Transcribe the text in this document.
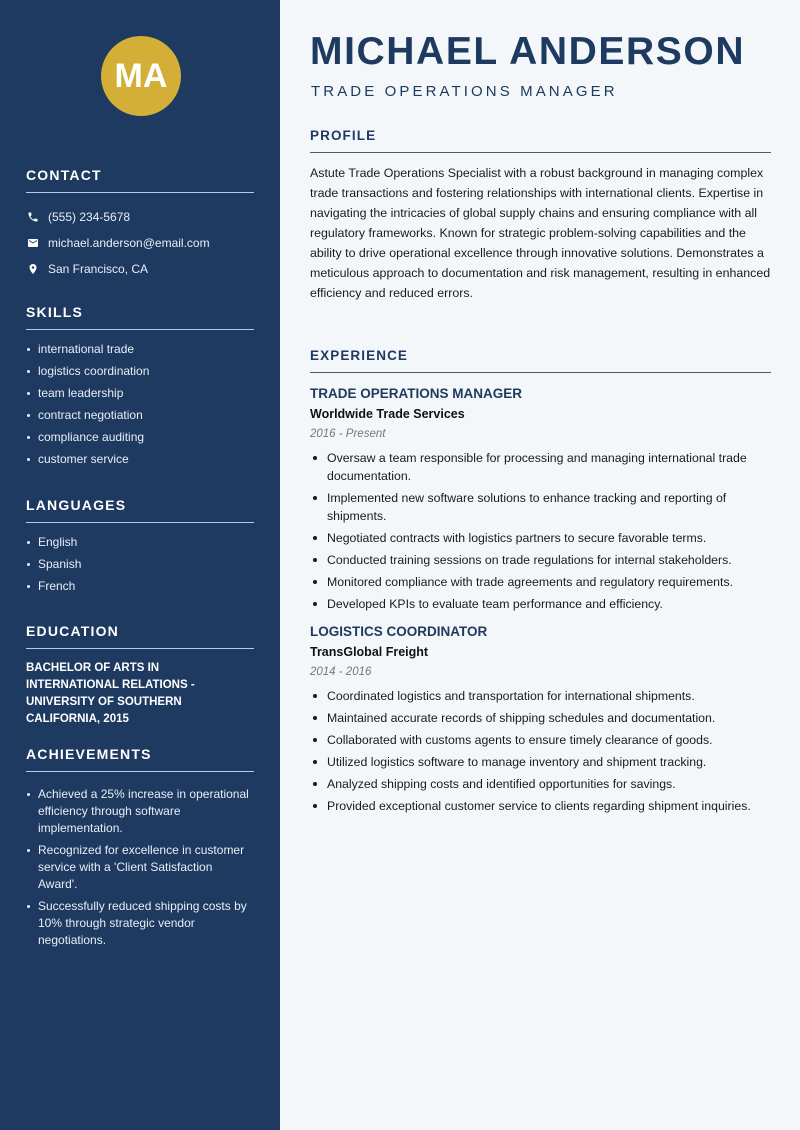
MA
CONTACT
(555) 234-5678
michael.anderson@email.com
San Francisco, CA
SKILLS
international trade
logistics coordination
team leadership
contract negotiation
compliance auditing
customer service
LANGUAGES
English
Spanish
French
EDUCATION

BACHELOR OF ARTS IN INTERNATIONAL RELATIONS - UNIVERSITY OF SOUTHERN CALIFORNIA, 2015

ACHIEVEMENTS
Achieved a 25% increase in operational efficiency through software implementation.
Recognized for excellence in customer service with a 'Client Satisfaction Award'.
Successfully reduced shipping costs by 10% through strategic vendor negotiations.
MICHAEL ANDERSON
TRADE OPERATIONS MANAGER
PROFILE

Astute Trade Operations Specialist with a robust background in managing complex trade transactions and fostering relationships with international clients. Expertise in navigating the intricacies of global supply chains and ensuring compliance with all regulatory frameworks. Known for strategic problem-solving capabilities and the ability to drive operational excellence through innovative solutions. Demonstrates a meticulous approach to documentation and risk management, resulting in enhanced efficiency and reduced errors.

EXPERIENCE
TRADE OPERATIONS MANAGER
Worldwide Trade Services
2016 - Present
Oversaw a team responsible for processing and managing international trade documentation.
Implemented new software solutions to enhance tracking and reporting of shipments.
Negotiated contracts with logistics partners to secure favorable terms.
Conducted training sessions on trade regulations for internal stakeholders.
Monitored compliance with trade agreements and regulatory requirements.
Developed KPIs to evaluate team performance and efficiency.
LOGISTICS COORDINATOR
TransGlobal Freight
2014 - 2016
Coordinated logistics and transportation for international shipments.
Maintained accurate records of shipping schedules and documentation.
Collaborated with customs agents to ensure timely clearance of goods.
Utilized logistics software to manage inventory and shipment tracking.
Analyzed shipping costs and identified opportunities for savings.
Provided exceptional customer service to clients regarding shipment inquiries.
